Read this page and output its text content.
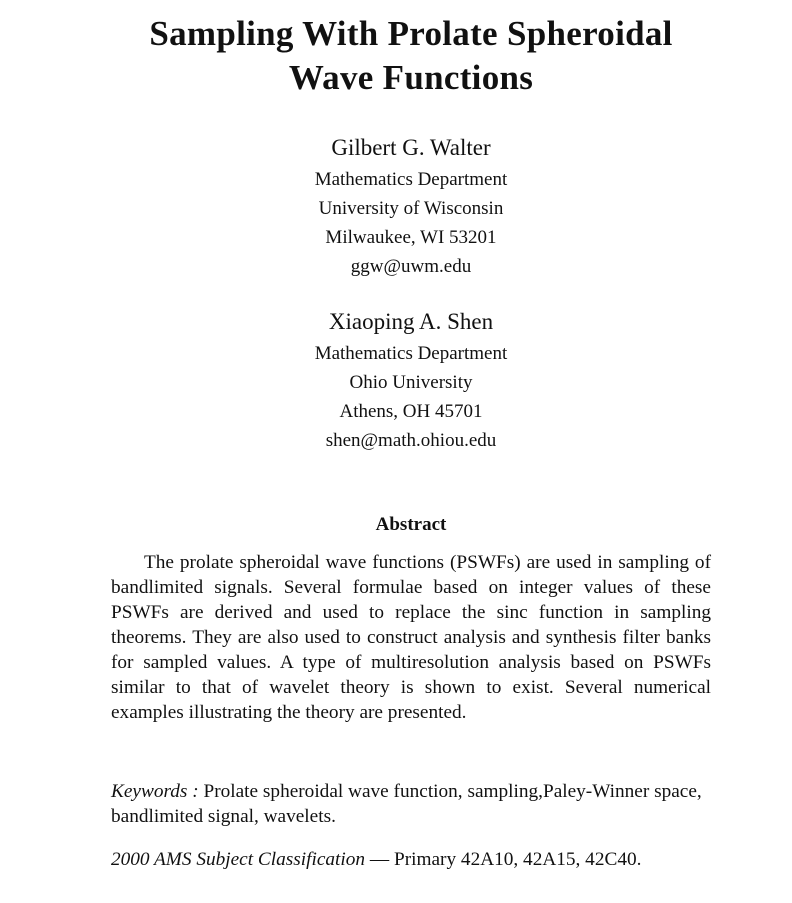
Sampling With Prolate Spheroidal
Wave Functions
Gilbert G. Walter
Mathematics Department
University of Wisconsin
Milwaukee, WI 53201
ggw@uwm.edu
Xiaoping A. Shen
Mathematics Department
Ohio University
Athens, OH 45701
shen@math.ohiou.edu
Abstract

The prolate spheroidal wave functions (PSWFs) are used in sampling of bandlimited signals. Several formulae based on integer values of these PSWFs are derived and used to replace the sinc function in sampling theorems. They are also used to construct analysis and synthesis filter banks for sampled values. A type of multiresolution analysis based on PSWFs similar to that of wavelet theory is shown to exist. Several numerical examples illustrating the theory are presented.

Keywords : Prolate spheroidal wave function, sampling,Paley-Winner space, bandlimited signal, wavelets.

2000 AMS Subject Classification — Primary 42A10, 42A15, 42C40.
